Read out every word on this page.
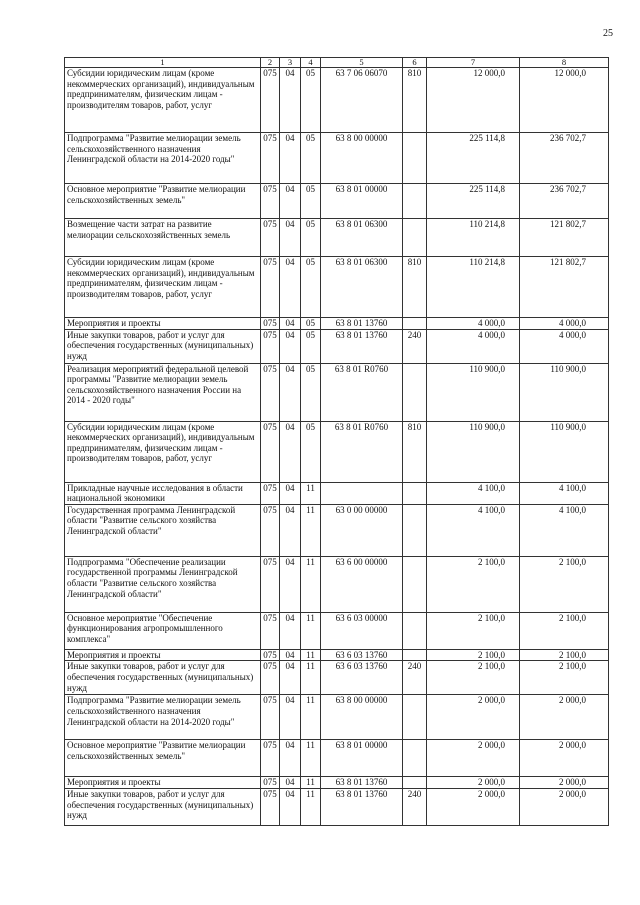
25
1	2	3	4	5	6	7	8
Субсидии юридическим лицам (кроме некоммерческих организаций), индивидуальным предпринимателям, физическим лицам - производителям товаров, работ, услуг	075	04	05	63 7 06 06070	810	12 000,0	12 000,0
Подпрограмма "Развитие мелиорации земель сельскохозяйственного назначения Ленинградской области на 2014-2020 годы"	075	04	05	63 8 00 00000		225 114,8	236 702,7
Основное мероприятие "Развитие мелиорации сельскохозяйственных земель"	075	04	05	63 8 01 00000		225 114,8	236 702,7
Возмещение части затрат на развитие мелиорации сельскохозяйственных земель	075	04	05	63 8 01 06300		110 214,8	121 802,7
Субсидии юридическим лицам (кроме некоммерческих организаций), индивидуальным предпринимателям, физическим лицам - производителям товаров, работ, услуг	075	04	05	63 8 01 06300	810	110 214,8	121 802,7
Мероприятия и проекты	075	04	05	63 8 01 13760		4 000,0	4 000,0
Иные закупки товаров, работ и услуг для обеспечения государственных (муниципальных) нужд	075	04	05	63 8 01 13760	240	4 000,0	4 000,0
Реализация мероприятий федеральной целевой программы "Развитие мелиорации земель сельскохозяйственного назначения России на 2014 - 2020 годы"	075	04	05	63 8 01 R0760		110 900,0	110 900,0
Субсидии юридическим лицам (кроме некоммерческих организаций), индивидуальным предпринимателям, физическим лицам - производителям товаров, работ, услуг	075	04	05	63 8 01 R0760	810	110 900,0	110 900,0
Прикладные научные исследования в области национальной экономики	075	04	11			4 100,0	4 100,0
Государственная программа Ленинградской области "Развитие сельского хозяйства Ленинградской области"	075	04	11	63 0 00 00000		4 100,0	4 100,0
Подпрограмма "Обеспечение реализации государственной программы Ленинградской области "Развитие сельского хозяйства Ленинградской области"	075	04	11	63 6 00 00000		2 100,0	2 100,0
Основное мероприятие "Обеспечение функционирования агропромышленного комплекса"	075	04	11	63 6 03 00000		2 100,0	2 100,0
Мероприятия и проекты	075	04	11	63 6 03 13760		2 100,0	2 100,0
Иные закупки товаров, работ и услуг для обеспечения государственных (муниципальных) нужд	075	04	11	63 6 03 13760	240	2 100,0	2 100,0
Подпрограмма "Развитие мелиорации земель сельскохозяйственного назначения Ленинградской области на 2014-2020 годы"	075	04	11	63 8 00 00000		2 000,0	2 000,0
Основное мероприятие "Развитие мелиорации сельскохозяйственных земель"	075	04	11	63 8 01 00000		2 000,0	2 000,0
Мероприятия и проекты	075	04	11	63 8 01 13760		2 000,0	2 000,0
Иные закупки товаров, работ и услуг для обеспечения государственных (муниципальных) нужд	075	04	11	63 8 01 13760	240	2 000,0	2 000,0
